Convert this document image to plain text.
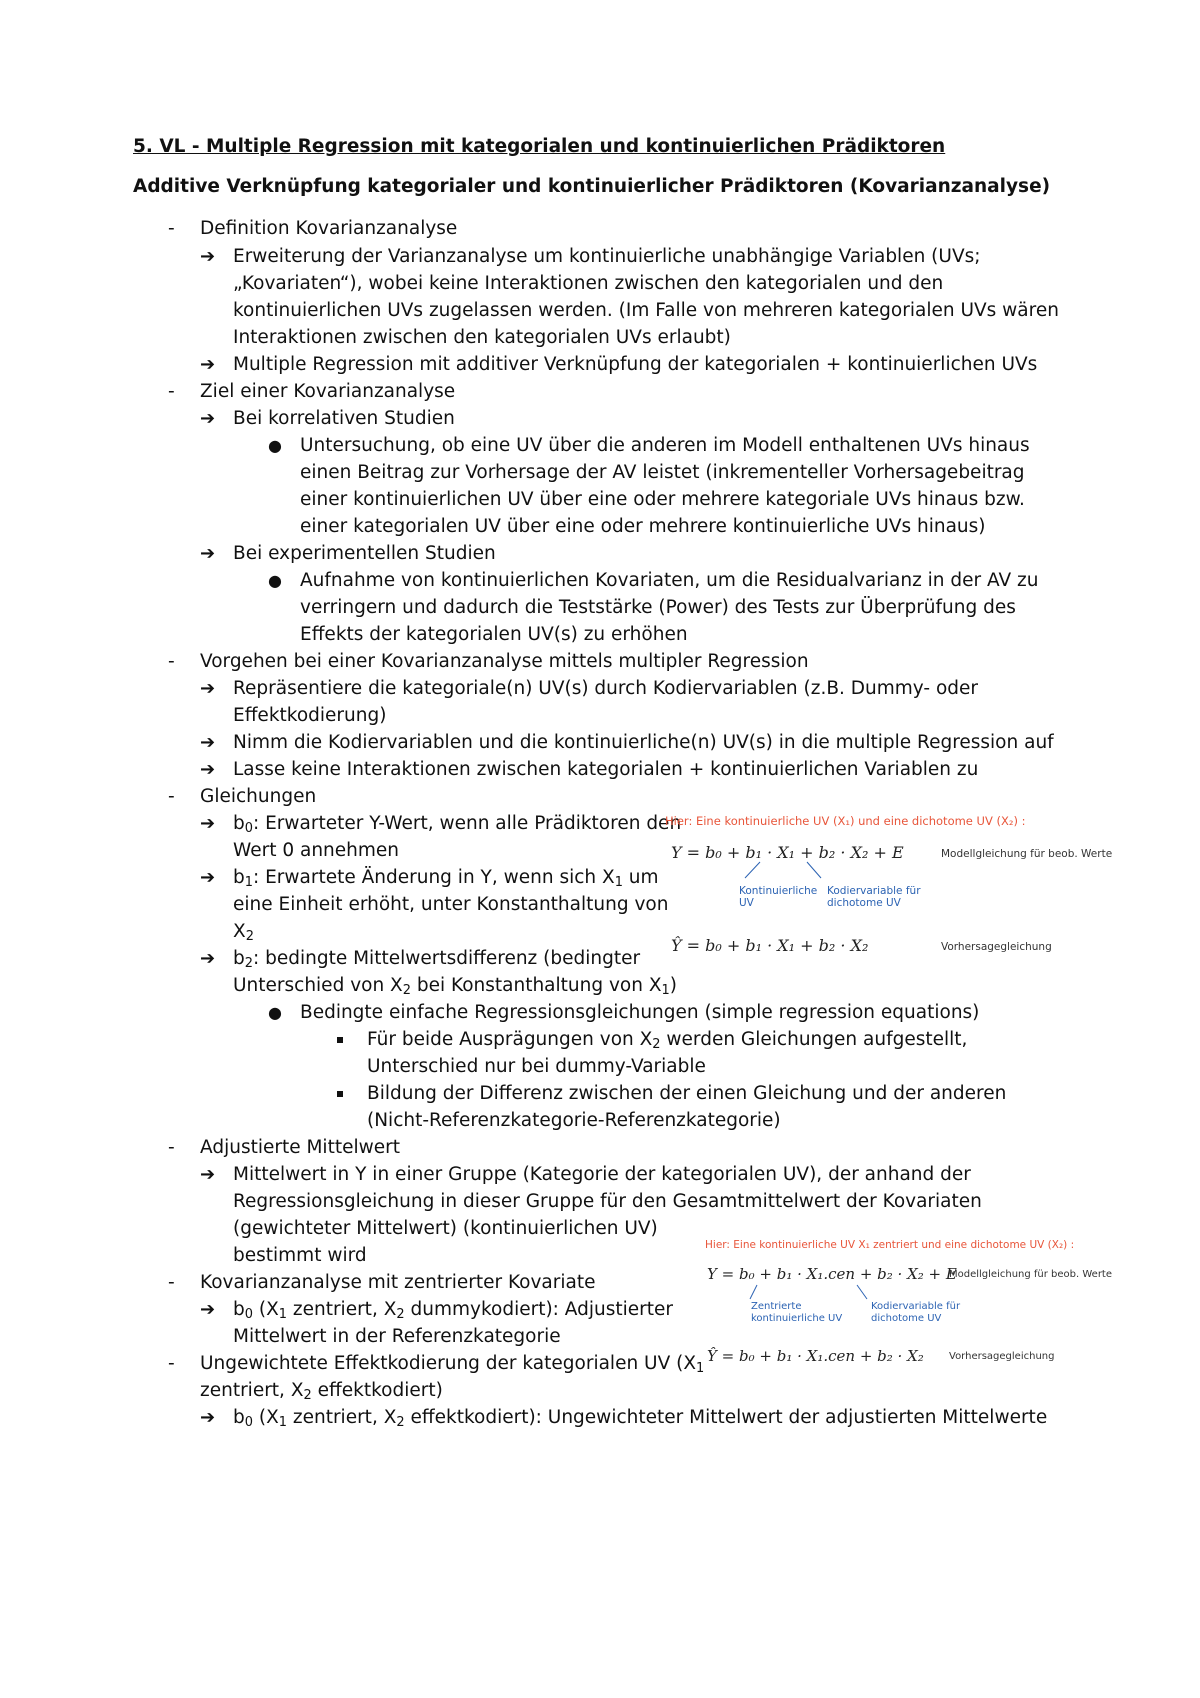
5. VL - Multiple Regression mit kategorialen und kontinuierlichen Prädiktoren
Additive Verknüpfung kategorialer und kontinuierlicher Prädiktoren (Kovarianzanalyse)
- Definition Kovarianzanalyse
➔ Erweiterung der Varianzanalyse um kontinuierliche unabhängige Variablen (UVs;
„Kovariaten“), wobei keine Interaktionen zwischen den kategorialen und den
kontinuierlichen UVs zugelassen werden. (Im Falle von mehreren kategorialen UVs wären
Interaktionen zwischen den kategorialen UVs erlaubt)
➔ Multiple Regression mit additiver Verknüpfung der kategorialen + kontinuierlichen UVs
- Ziel einer Kovarianzanalyse
➔ Bei korrelativen Studien
● Untersuchung, ob eine UV über die anderen im Modell enthaltenen UVs hinaus
einen Beitrag zur Vorhersage der AV leistet (inkrementeller Vorhersagebeitrag
einer kontinuierlichen UV über eine oder mehrere kategoriale UVs hinaus bzw.
einer kategorialen UV über eine oder mehrere kontinuierliche UVs hinaus)
➔ Bei experimentellen Studien
● Aufnahme von kontinuierlichen Kovariaten, um die Residualvarianz in der AV zu
verringern und dadurch die Teststärke (Power) des Tests zur Überprüfung des
Effekts der kategorialen UV(s) zu erhöhen
- Vorgehen bei einer Kovarianzanalyse mittels multipler Regression
➔ Repräsentiere die kategoriale(n) UV(s) durch Kodiervariablen (z.B. Dummy- oder
Effektkodierung)
➔ Nimm die Kodiervariablen und die kontinuierliche(n) UV(s) in die multiple Regression auf
➔ Lasse keine Interaktionen zwischen kategorialen + kontinuierlichen Variablen zu
- Gleichungen
➔ $b_0$: Erwarteter Y-Wert, wenn alle Prädiktoren den
Wert 0 annehmen
➔ $b_1$: Erwartete Änderung in Y, wenn sich $X_1$ um
eine Einheit erhöht, unter Konstanthaltung von
$X_2$
➔ $b_2$: bedingte Mittelwertsdifferenz (bedingter
Unterschied von $X_2$ bei Konstanthaltung von $X_1$)
● Bedingte einfache Regressionsgleichungen (simple regression equations)
Für beide Ausprägungen von $X_2$ werden Gleichungen aufgestellt,
Unterschied nur bei dummy-Variable
Bildung der Differenz zwischen der einen Gleichung und der anderen
(Nicht-Referenzkategorie-Referenzkategorie)
- Adjustierte Mittelwert
➔ Mittelwert in Y in einer Gruppe (Kategorie der kategorialen UV), der anhand der
Regressionsgleichung in dieser Gruppe für den Gesamtmittelwert der Kovariaten
(gewichteter Mittelwert) (kontinuierlichen UV)
bestimmt wird
- Kovarianzanalyse mit zentrierter Kovariate
➔ $b_0$ ($X_1$ zentriert, $X_2$ dummykodiert): Adjustierter
Mittelwert in der Referenzkategorie
- Ungewichtete Effektkodierung der kategorialen UV ($X_1$
zentriert, $X_2$ effektkodiert)
➔ $b_0$ ($X_1$ zentriert, $X_2$ effektkodiert): Ungewichteter Mittelwert der adjustierten Mittelwerte
Hier: Eine kontinuierliche UV (X₁) und eine dichotome UV (X₂) :
Y = b₀ + b₁ · X₁ + b₂ · X₂ + E	Modellgleichung für beob. Werte
Kontinuierliche
UV
Kodiervariable für
dichotome UV
Ŷ = b₀ + b₁ · X₁ + b₂ · X₂	Vorhersagegleichung
Hier: Eine kontinuierliche UV X₁ zentriert und eine dichotome UV (X₂) :
Y = b₀ + b₁ · X₁.cen + b₂ · X₂ + E
Modellgleichung für beob. Werte
Zentrierte
kontinuierliche UV
Kodiervariable für
dichotome UV
Ŷ = b₀ + b₁ · X₁.cen + b₂ · X₂	Vorhersagegleichung
